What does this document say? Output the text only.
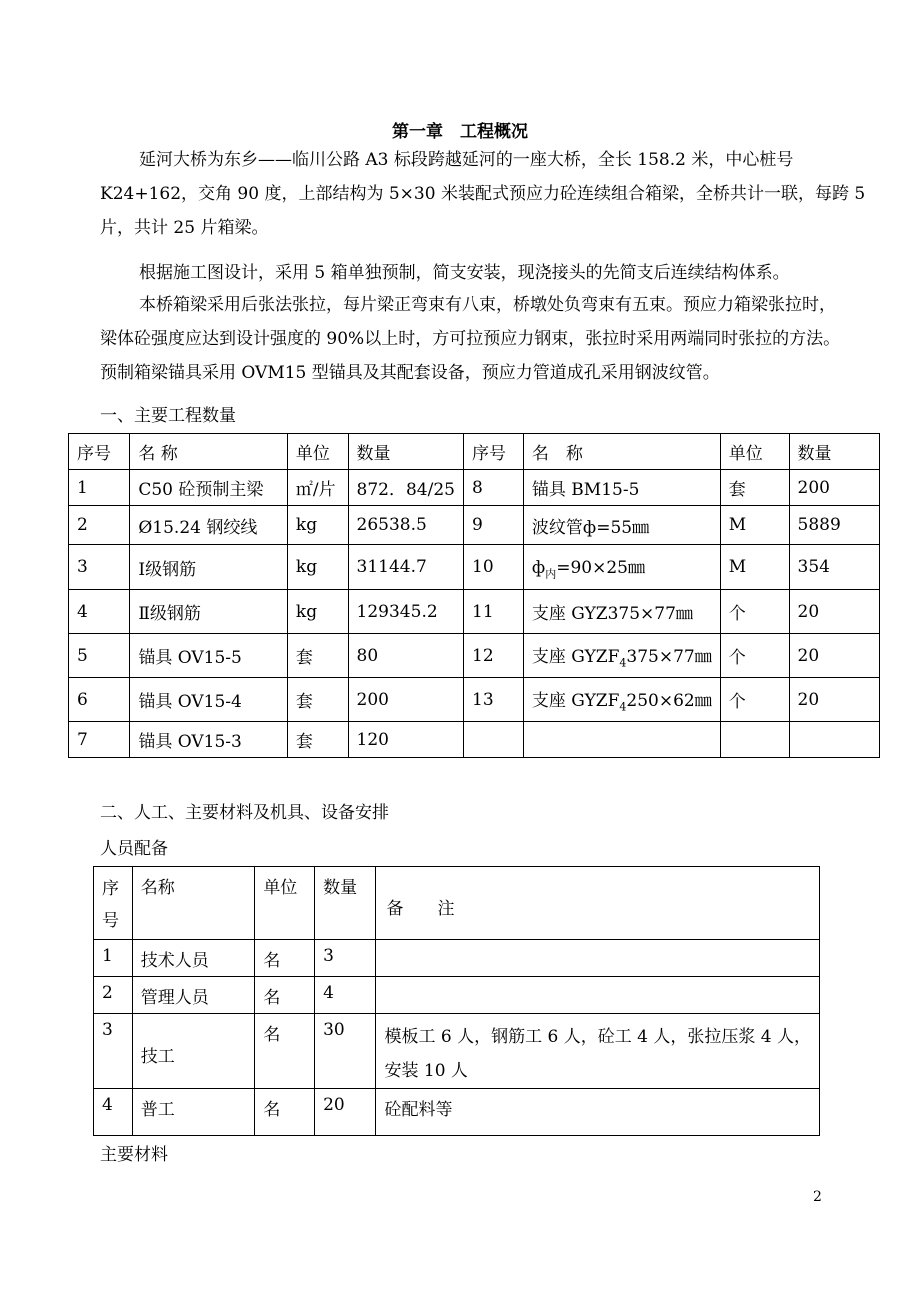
第一章　工程概况
延河大桥为东乡——临川公路 A3 标段跨越延河的一座大桥，全长 158.2 米，中心桩号
K24+162，交角 90 度，上部结构为 5×30 米装配式预应力砼连续组合箱梁，全桥共计一联，每跨 5
片，共计 25 片箱梁。
根据施工图设计，采用 5 箱单独预制，简支安装，现浇接头的先简支后连续结构体系。
本桥箱梁采用后张法张拉，每片梁正弯束有八束，桥墩处负弯束有五束。预应力箱梁张拉时，
梁体砼强度应达到设计强度的 90%以上时，方可拉预应力钢束，张拉时采用两端同时张拉的方法。
预制箱梁锚具采用 OVM15 型锚具及其配套设备，预应力管道成孔采用钢波纹管。
一、主要工程数量
序号	名 称	单位	数量	序号	名　称	单位	数量
1	C50 砼预制主梁	㎡/片	872．84/25	8	锚具 BM15-5	套	200
2	Ø15.24 钢绞线	kg	26538.5	9	波纹管ф=55㎜	M	5889
3	Ⅰ级钢筋	kg	31144.7	10	$ф_内=90\times 25㎜$	M	354
4	Ⅱ级钢筋	kg	129345.2	11	支座 GYZ375×77㎜	个	20
5	锚具 OV15-5	套	80	12	支座 $GYZF_4375\times 77㎜$	个	20
6	锚具 OV15-4	套	200	13	支座 $GYZF_4250\times 62㎜$	个	20
7	锚具 OV15-3	套	120				
二、人工、主要材料及机具、设备安排
人员配备
序
号	名称	单位	数量	备　　注
1	技术人员	名	3	
2	管理人员	名	4	
3	技工	名	30	模板工 6 人，钢筋工 6 人，砼工 4 人，张拉压浆 4 人，
安装 10 人
4	普工	名	20	砼配料等
主要材料
2
